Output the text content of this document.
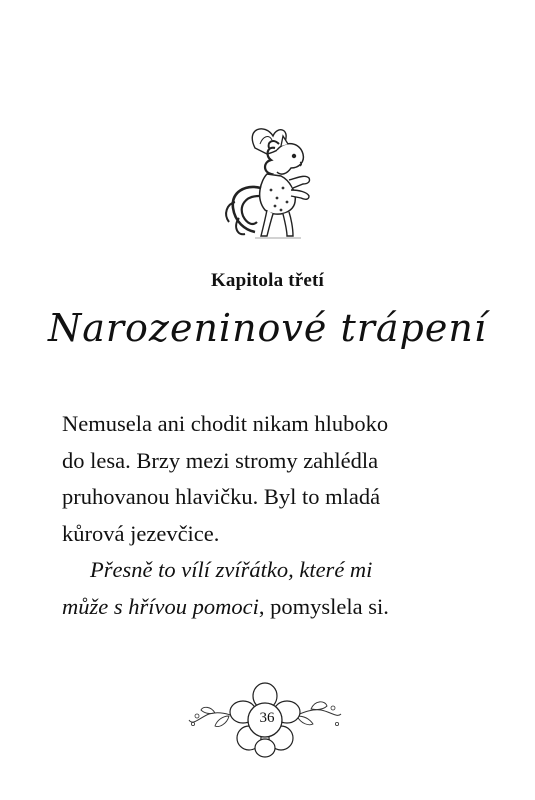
Kapitola třetí
Narozeninové trápení
Nemusela ani chodit nikam hluboko
do lesa. Brzy mezi stromy zahlédla
pruhovanou hlavičku. Byl to mladá
kůrová jezevčice.
Přesně to vílí zvířátko, které mi
může s hřívou pomoci, pomyslela si.
36
